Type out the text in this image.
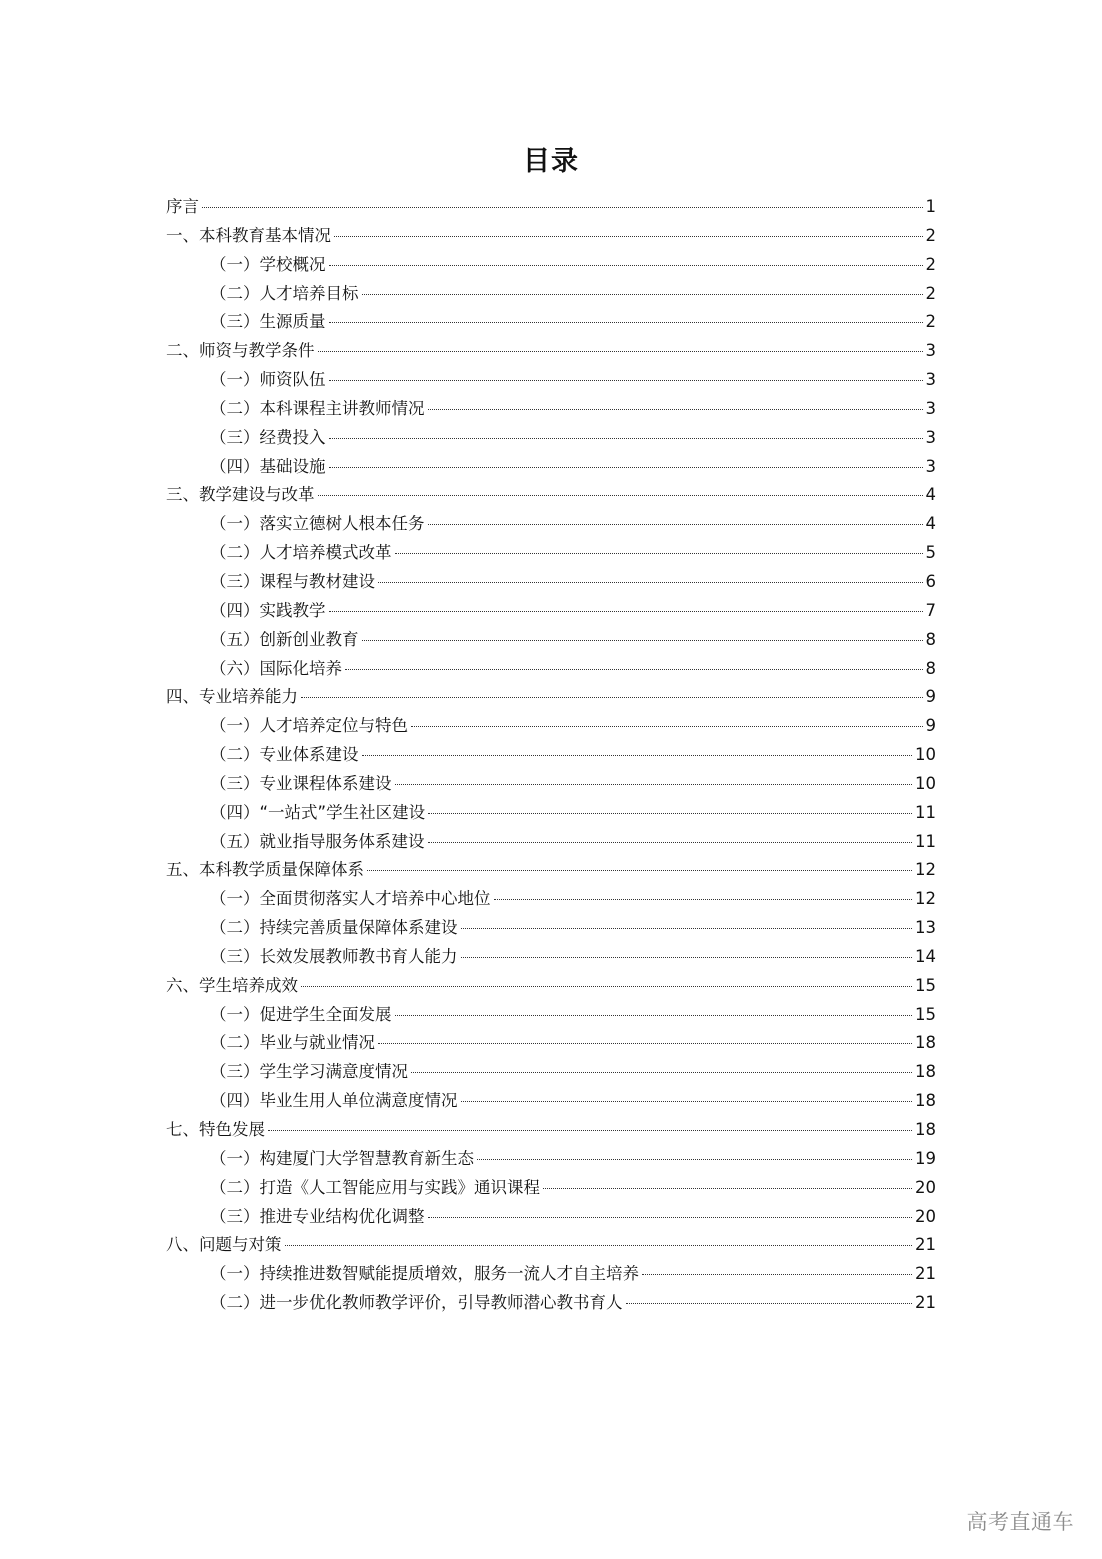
目录
序言	1
一、本科教育基本情况	2
（一）学校概况	2
（二）人才培养目标	2
（三）生源质量	2
二、师资与教学条件	3
（一）师资队伍	3
（二）本科课程主讲教师情况	3
（三）经费投入	3
（四）基础设施	3
三、教学建设与改革	4
（一）落实立德树人根本任务	4
（二）人才培养模式改革	5
（三）课程与教材建设	6
（四）实践教学	7
（五）创新创业教育	8
（六）国际化培养	8
四、专业培养能力	9
（一）人才培养定位与特色	9
（二）专业体系建设	10
（三）专业课程体系建设	10
（四）“一站式”学生社区建设	11
（五）就业指导服务体系建设	11
五、本科教学质量保障体系	12
（一）全面贯彻落实人才培养中心地位	12
（二）持续完善质量保障体系建设	13
（三）长效发展教师教书育人能力	14
六、学生培养成效	15
（一）促进学生全面发展	15
（二）毕业与就业情况	18
（三）学生学习满意度情况	18
（四）毕业生用人单位满意度情况	18
七、特色发展	18
（一）构建厦门大学智慧教育新生态	19
（二）打造《人工智能应用与实践》通识课程	20
（三）推进专业结构优化调整	20
八、问题与对策	21
（一）持续推进数智赋能提质增效，服务一流人才自主培养	21
（二）进一步优化教师教学评价，引导教师潜心教书育人	21
高考直通车
